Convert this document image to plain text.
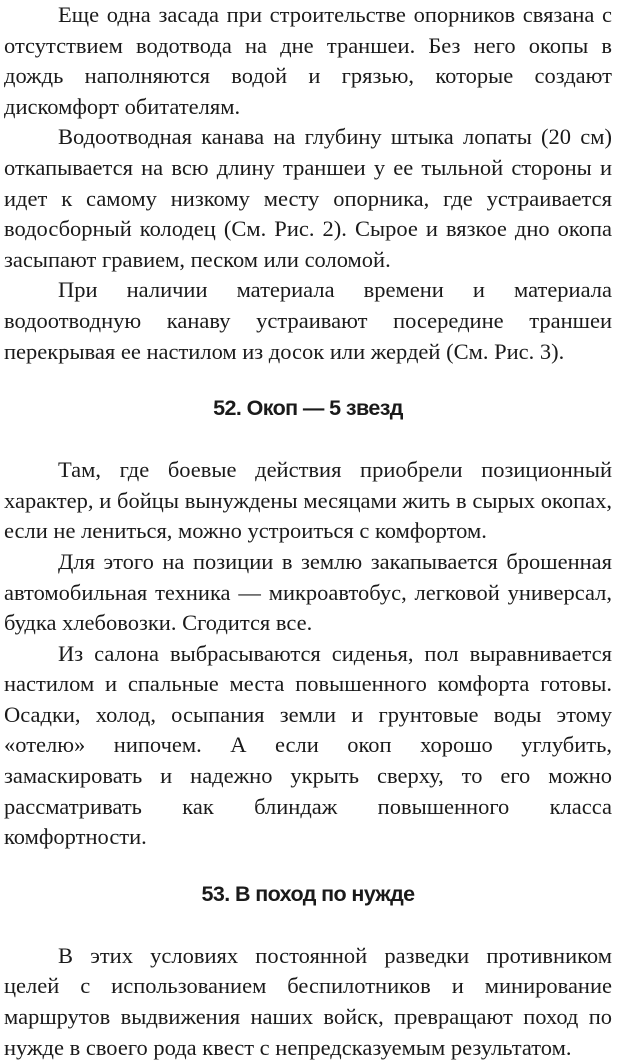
Еще одна засада при строительстве опорников связана с отсутствием водотвода на дне траншеи. Без него окопы в дождь наполняются водой и грязью, которые создают дискомфорт обитателям.

Водоотводная канава на глубину штыка лопаты (20 см) откапывается на всю длину траншеи у ее тыльной стороны и идет к самому низкому месту опорника, где устраивается водосборный колодец (См. Рис. 2). Сырое и вязкое дно окопа засыпают гравием, песком или соломой.

При наличии материала времени и материала водоотводную канаву устраивают посередине траншеи перекрывая ее настилом из досок или жердей (См. Рис. 3).

52. Окоп — 5 звезд

Там, где боевые действия приобрели позиционный характер, и бойцы вынуждены месяцами жить в сырых окопах, если не лениться, можно устроиться с комфортом.

Для этого на позиции в землю закапывается брошенная автомобильная техника — микроавтобус, легковой универсал, будка хлебовозки. Сгодится все.

Из салона выбрасываются сиденья, пол выравнивается настилом и спальные места повышенного комфорта готовы. Осадки, холод, осыпания земли и грунтовые воды этому «отелю» нипочем. А если окоп хорошо углубить, замаскировать и надежно укрыть сверху, то его можно рассматривать как блиндаж повышенного класса комфортности.

53. В поход по нужде

В этих условиях постоянной разведки противником целей с использованием беспилотников и минирование маршрутов выдвижения наших войск, превращают поход по нужде в своего рода квест с непредсказуемым результатом.
